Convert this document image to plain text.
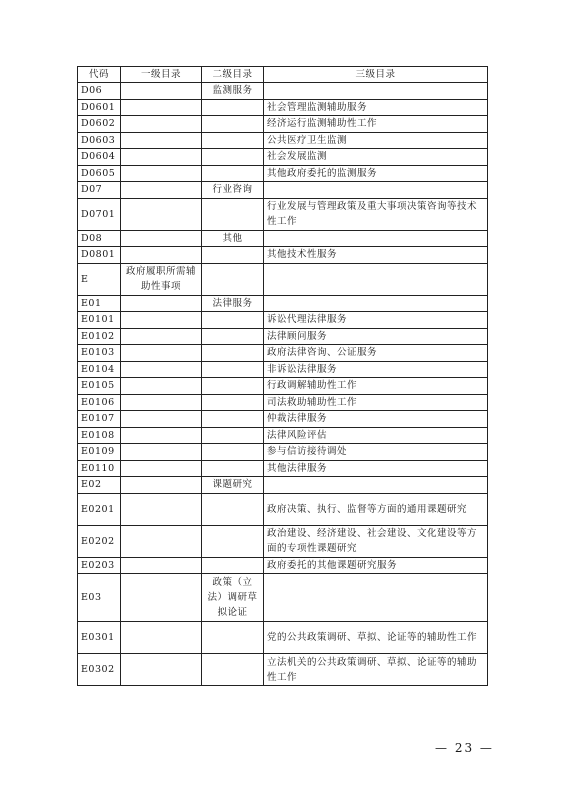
代码	一级目录	二级目录	三级目录
D06		监测服务	
D0601			社会管理监测辅助服务
D0602			经济运行监测辅助性工作
D0603			公共医疗卫生监测
D0604			社会发展监测
D0605			其他政府委托的监测服务
D07		行业咨询	
D0701			行业发展与管理政策及重大事项决策咨询等技术性工作
D08		其他	
D0801			其他技术性服务
E	政府履职所需辅助性事项		
E01		法律服务	
E0101			诉讼代理法律服务
E0102			法律顾问服务
E0103			政府法律咨询、公证服务
E0104			非诉讼法律服务
E0105			行政调解辅助性工作
E0106			司法救助辅助性工作
E0107			仲裁法律服务
E0108			法律风险评估
E0109			参与信访接待调处
E0110			其他法律服务
E02		课题研究	
E0201			政府决策、执行、监督等方面的通用课题研究
E0202			政治建设、经济建设、社会建设、文化建设等方面的专项性课题研究
E0203			政府委托的其他课题研究服务
E03		政策（立法）调研草拟论证	
E0301			党的公共政策调研、草拟、论证等的辅助性工作
E0302			立法机关的公共政策调研、草拟、论证等的辅助性工作
— 23 —
